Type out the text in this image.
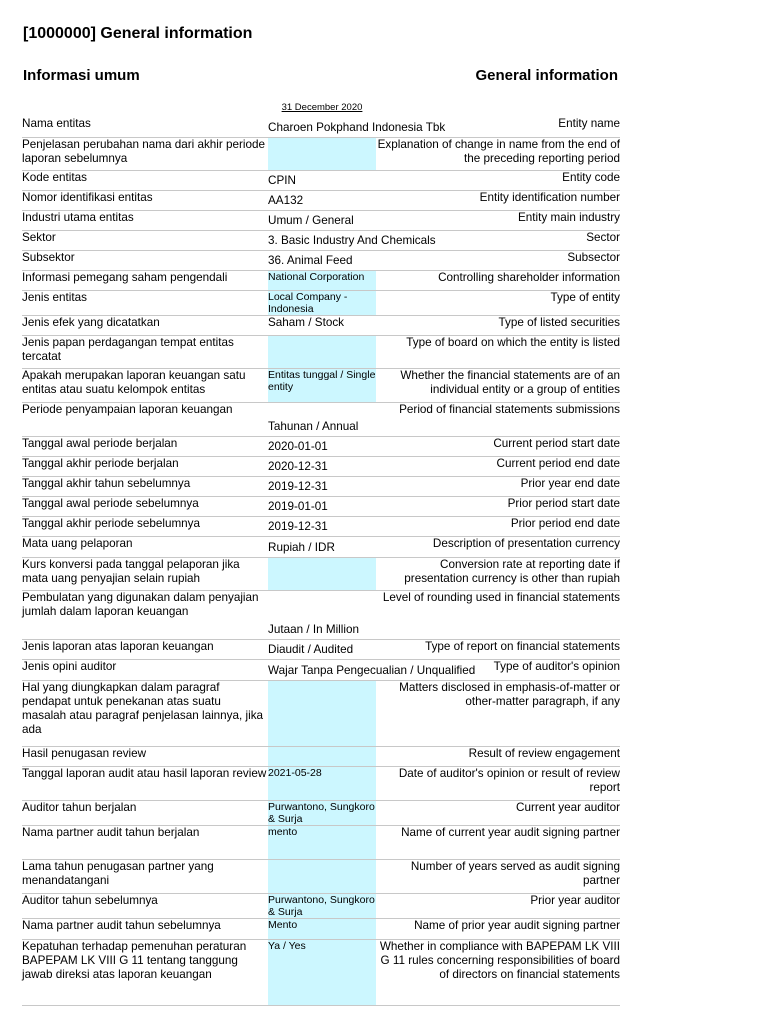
[1000000] General information
Informasi umum	General information
31 December 2020
Nama entitas	Charoen Pokphand Indonesia Tbk	Entity name
Penjelasan perubahan nama dari akhir periode laporan sebelumnya		Explanation of change in name from the end of the preceding reporting period
Kode entitas	CPIN	Entity code
Nomor identifikasi entitas	AA132	Entity identification number
Industri utama entitas	Umum / General	Entity main industry
Sektor	3. Basic Industry And Chemicals	Sector
Subsektor	36. Animal Feed	Subsector
Informasi pemegang saham pengendali	National Corporation	Controlling shareholder information
Jenis entitas	Local Company - Indonesia	Type of entity
Jenis efek yang dicatatkan	Saham / Stock	Type of listed securities
Jenis papan perdagangan tempat entitas tercatat		Type of board on which the entity is listed
Apakah merupakan laporan keuangan satu entitas atau suatu kelompok entitas	Entitas tunggal / Single entity	Whether the financial statements are of an individual entity or a group of entities
Periode penyampaian laporan keuangan	Tahunan / Annual	Period of financial statements submissions
Tanggal awal periode berjalan	2020-01-01	Current period start date
Tanggal akhir periode berjalan	2020-12-31	Current period end date
Tanggal akhir tahun sebelumnya	2019-12-31	Prior year end date
Tanggal awal periode sebelumnya	2019-01-01	Prior period start date
Tanggal akhir periode sebelumnya	2019-12-31	Prior period end date
Mata uang pelaporan	Rupiah / IDR	Description of presentation currency
Kurs konversi pada tanggal pelaporan jika mata uang penyajian selain rupiah		Conversion rate at reporting date if presentation currency is other than rupiah
Pembulatan yang digunakan dalam penyajian jumlah dalam laporan keuangan	Jutaan / In Million	Level of rounding used in financial statements
Jenis laporan atas laporan keuangan	Diaudit / Audited	Type of report on financial statements
Jenis opini auditor	Wajar Tanpa Pengecualian / Unqualified	Type of auditor's opinion
Hal yang diungkapkan dalam paragraf pendapat untuk penekanan atas suatu masalah atau paragraf penjelasan lainnya, jika ada		Matters disclosed in emphasis-of-matter or other-matter paragraph, if any
Hasil penugasan review		Result of review engagement
Tanggal laporan audit atau hasil laporan review	2021-05-28	Date of auditor's opinion or result of review report
Auditor tahun berjalan	Purwantono, Sungkoro & Surja	Current year auditor
Nama partner audit tahun berjalan	mento	Name of current year audit signing partner
Lama tahun penugasan partner yang menandatangani		Number of years served as audit signing partner
Auditor tahun sebelumnya	Purwantono, Sungkoro & Surja	Prior year auditor
Nama partner audit tahun sebelumnya	Mento	Name of prior year audit signing partner
Kepatuhan terhadap pemenuhan peraturan BAPEPAM LK VIII G 11 tentang tanggung jawab direksi atas laporan keuangan	Ya / Yes	Whether in compliance with BAPEPAM LK VIII G 11 rules concerning responsibilities of board of directors on financial statements
